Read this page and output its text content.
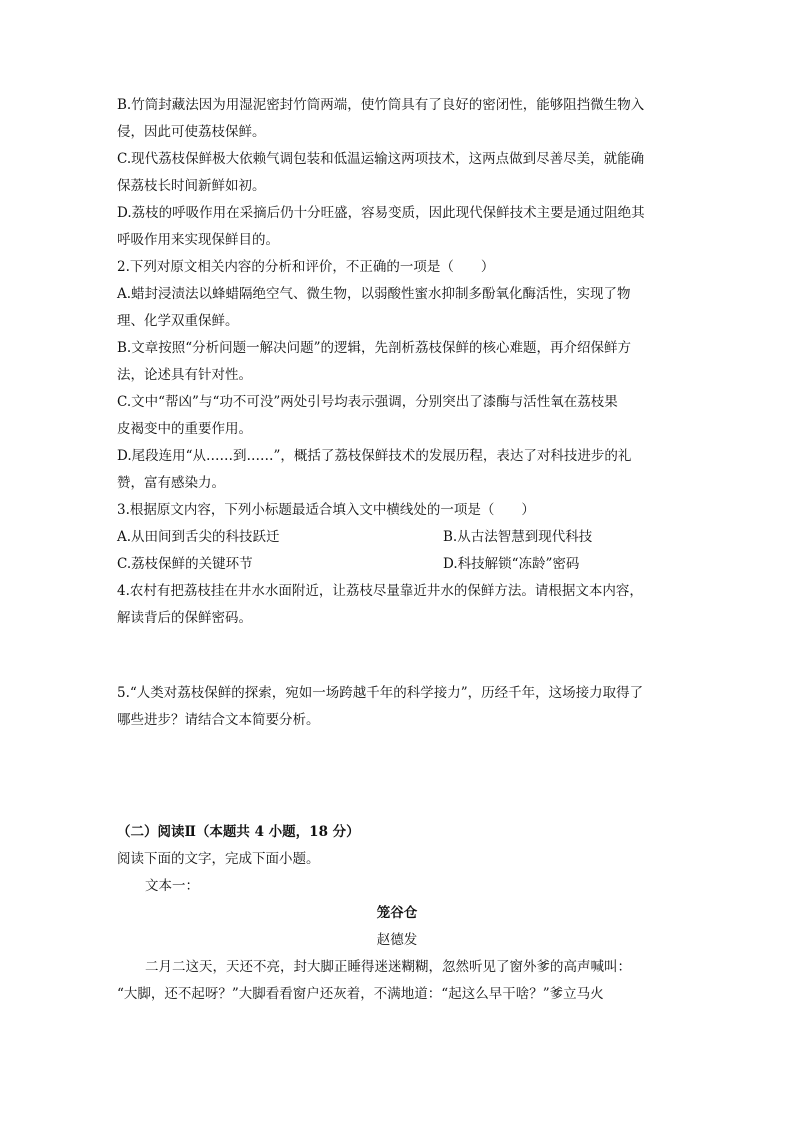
B.竹筒封藏法因为用湿泥密封竹筒两端，使竹筒具有了良好的密闭性，能够阻挡微生物入
侵，因此可使荔枝保鲜。
C.现代荔枝保鲜极大依赖气调包装和低温运输这两项技术，这两点做到尽善尽美，就能确
保荔枝长时间新鲜如初。
D.荔枝的呼吸作用在采摘后仍十分旺盛，容易变质，因此现代保鲜技术主要是通过阻绝其
呼吸作用来实现保鲜目的。
2.下列对原文相关内容的分析和评价，不正确的一项是（　　）
A.蜡封浸渍法以蜂蜡隔绝空气、微生物，以弱酸性蜜水抑制多酚氧化酶活性，实现了物
理、化学双重保鲜。
B.文章按照“分析问题一解决问题”的逻辑，先剖析荔枝保鲜的核心难题，再介绍保鲜方
法，论述具有针对性。
C.文中“帮凶”与“功不可没”两处引号均表示强调，分别突出了漆酶与活性氧在荔枝果
皮褐变中的重要作用。
D.尾段连用“从……到……”，概括了荔枝保鲜技术的发展历程，表达了对科技进步的礼
赞，富有感染力。
3.根据原文内容，下列小标题最适合填入文中横线处的一项是（　　）
A.从田间到舌尖的科技跃迁	B.从古法智慧到现代科技
C.荔枝保鲜的关键环节	D.科技解锁“冻龄”密码
4.农村有把荔枝挂在井水水面附近，让荔枝尽量靠近井水的保鲜方法。请根据文本内容，
解读背后的保鲜密码。
5.“人类对荔枝保鲜的探索，宛如一场跨越千年的科学接力”，历经千年，这场接力取得了
哪些进步？请结合文本简要分析。
（二）阅读Ⅱ（本题共 4 小题，18 分）
阅读下面的文字，完成下面小题。
文本一：
笼谷仓
赵德发
二月二这天，天还不亮，封大脚正睡得迷迷糊糊，忽然听见了窗外爹的高声喊叫：
“大脚，还不起呀？”大脚看看窗户还灰着，不满地道：“起这么早干啥？”爹立马火
